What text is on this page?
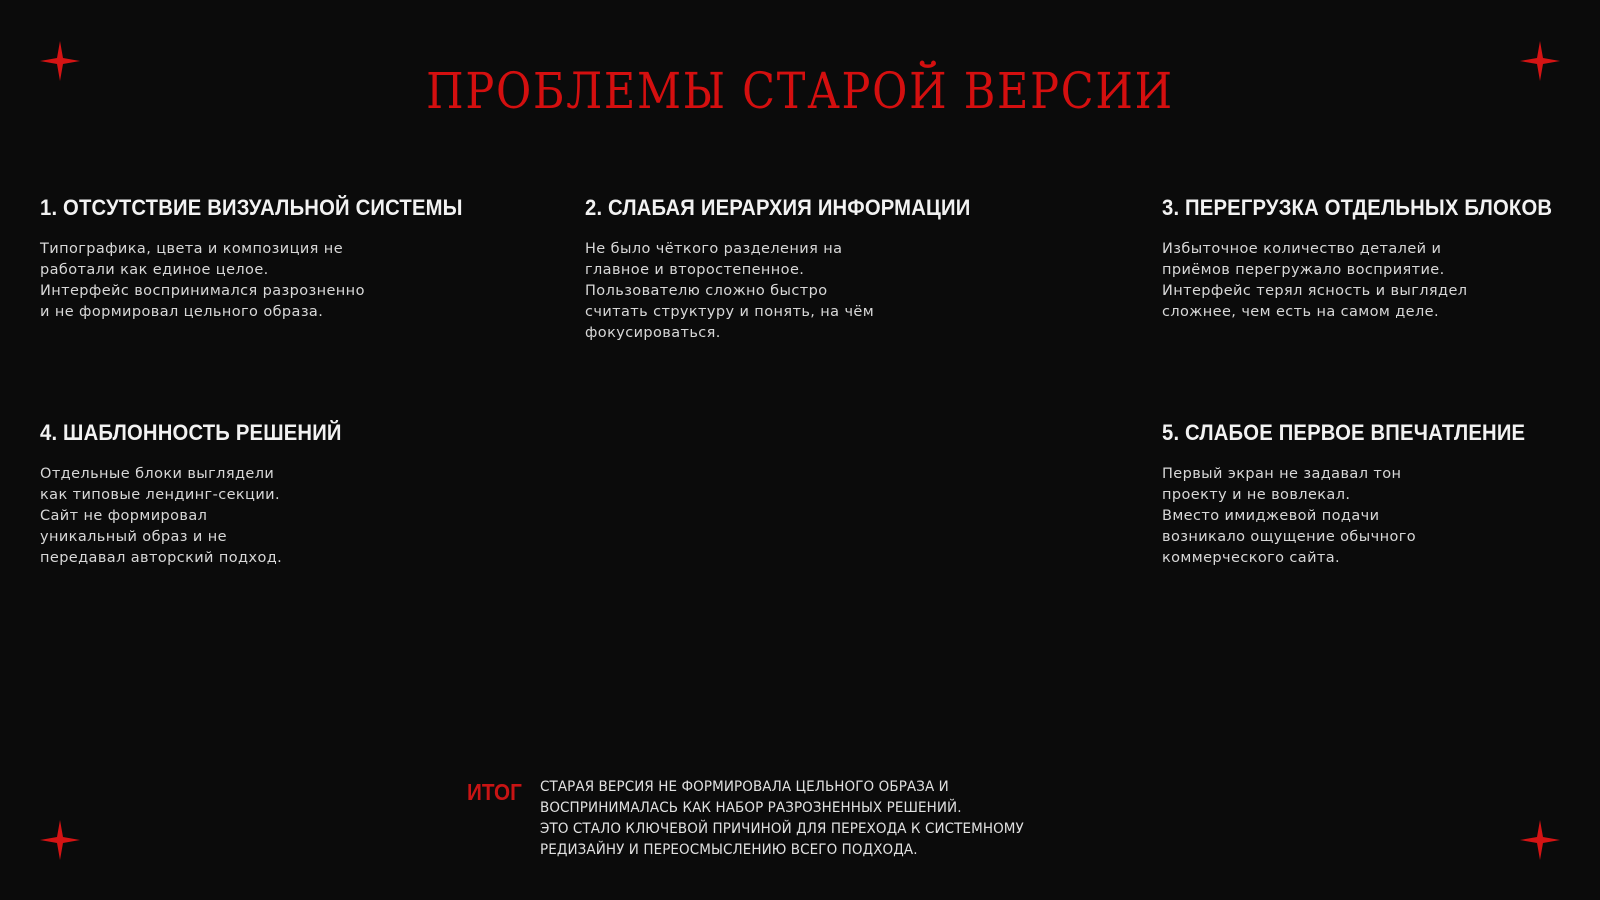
ПРОБЛЕМЫ СТАРОЙ ВЕРСИИ
1. ОТСУТСТВИЕ ВИЗУАЛЬНОЙ СИСТЕМЫ
Типографика, цвета и композиция не
работали как единое целое.
Интерфейс воспринимался разрозненно
и не формировал цельного образа.
2. СЛАБАЯ ИЕРАРХИЯ ИНФОРМАЦИИ
Не было чёткого разделения на
главное и второстепенное.
Пользователю сложно быстро
считать структуру и понять, на чём
фокусироваться.
3. ПЕРЕГРУЗКА ОТДЕЛЬНЫХ БЛОКОВ
Избыточное количество деталей и
приёмов перегружало восприятие.
Интерфейс терял ясность и выглядел
сложнее, чем есть на самом деле.
4. ШАБЛОННОСТЬ РЕШЕНИЙ
Отдельные блоки выглядели
как типовые лендинг-секции.
Сайт не формировал
уникальный образ и не
передавал авторский подход.
5. СЛАБОЕ ПЕРВОЕ ВПЕЧАТЛЕНИЕ
Первый экран не задавал тон
проекту и не вовлекал.
Вместо имиджевой подачи
возникало ощущение обычного
коммерческого сайта.
ИТОГ СТАРАЯ ВЕРСИЯ НЕ ФОРМИРОВАЛА ЦЕЛЬНОГО ОБРАЗА И
ВОСПРИНИМАЛАСЬ КАК НАБОР РАЗРОЗНЕННЫХ РЕШЕНИЙ.
ЭТО СТАЛО КЛЮЧЕВОЙ ПРИЧИНОЙ ДЛЯ ПЕРЕХОДА К СИСТЕМНОМУ
РЕДИЗАЙНУ И ПЕРЕОСМЫСЛЕНИЮ ВСЕГО ПОДХОДА.
